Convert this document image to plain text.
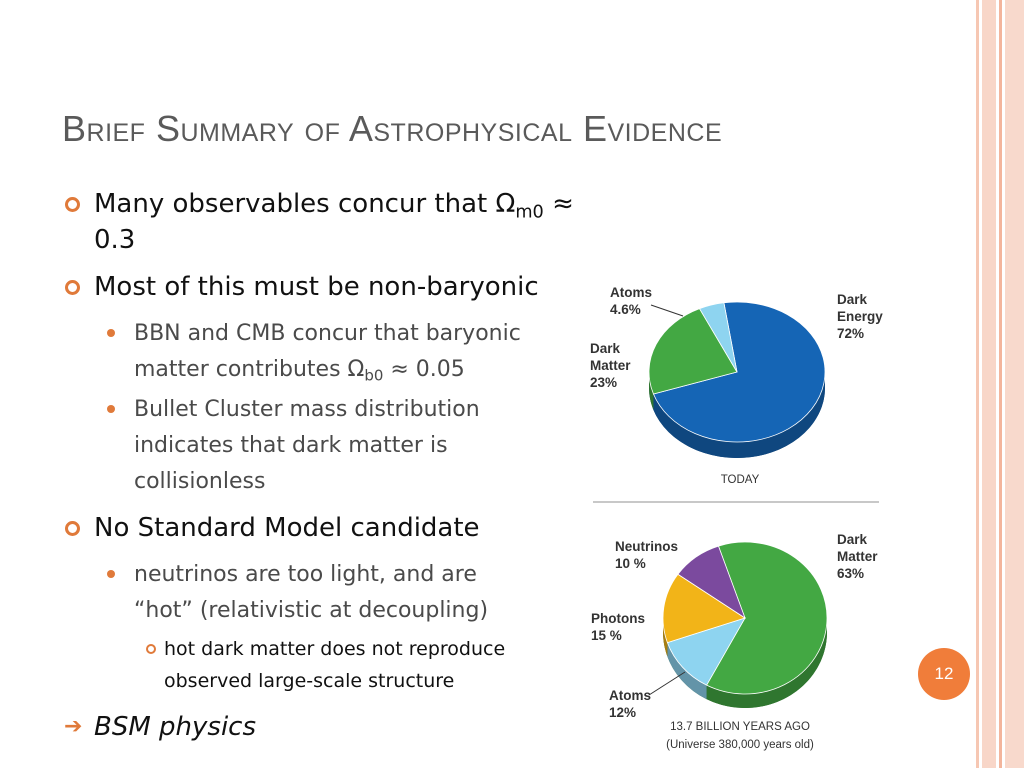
Brief Summary of Astrophysical Evidence
Many observables concur that $\Omega_{m0} \approx 0.3$
Most of this must be non-baryonic
BBN and CMB concur that baryonic
matter contributes $\Omega_{b0} \approx 0.05$
Bullet Cluster mass distribution
indicates that dark matter is
collisionless
No Standard Model candidate
neutrinos are too light, and are
“hot” (relativistic at decoupling)
hot dark matter does not reproduce
observed large-scale structure
➔ BSM physics
Dark
Energy
72%
Dark
Matter
23%
Atoms
4.6%
TODAY
Dark
Matter
63%
Atoms
12%
Photons
15 %
Neutrinos
10 %
13.7 BILLION YEARS AGO
(Universe 380,000 years old)
12
